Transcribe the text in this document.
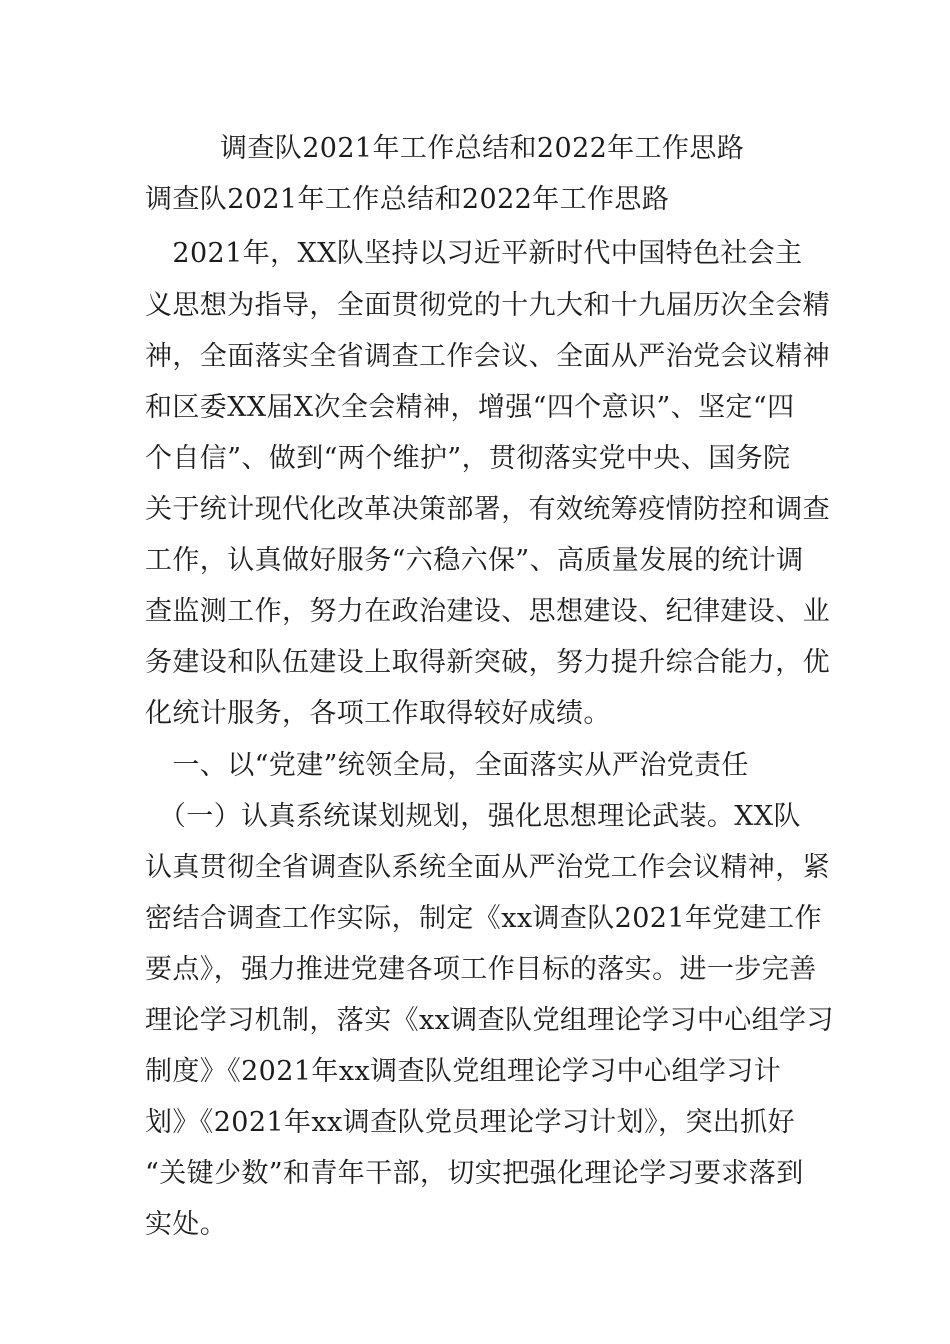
调查队2021年工作总结和2022年工作思路
调查队2021年工作总结和2022年工作思路
　2021年，XX队坚持以习近平新时代中国特色社会主
义思想为指导，全面贯彻党的十九大和十九届历次全会精
神，全面落实全省调查工作会议、全面从严治党会议精神
和区委XX届X次全会精神，增强“四个意识”、坚定“四
个自信”、做到“两个维护”，贯彻落实党中央、国务院
关于统计现代化改革决策部署，有效统筹疫情防控和调查
工作，认真做好服务“六稳六保”、高质量发展的统计调
查监测工作，努力在政治建设、思想建设、纪律建设、业
务建设和队伍建设上取得新突破，努力提升综合能力，优
化统计服务，各项工作取得较好成绩。
　一、以“党建”统领全局，全面落实从严治党责任
　（一）认真系统谋划规划，强化思想理论武装。XX队
认真贯彻全省调查队系统全面从严治党工作会议精神，紧
密结合调查工作实际，制定《xx调查队2021年党建工作
要点》，强力推进党建各项工作目标的落实。进一步完善
理论学习机制，落实《xx调查队党组理论学习中心组学习
制度》《2021年xx调查队党组理论学习中心组学习计
划》《2021年xx调查队党员理论学习计划》，突出抓好
“关键少数”和青年干部，切实把强化理论学习要求落到
实处。
